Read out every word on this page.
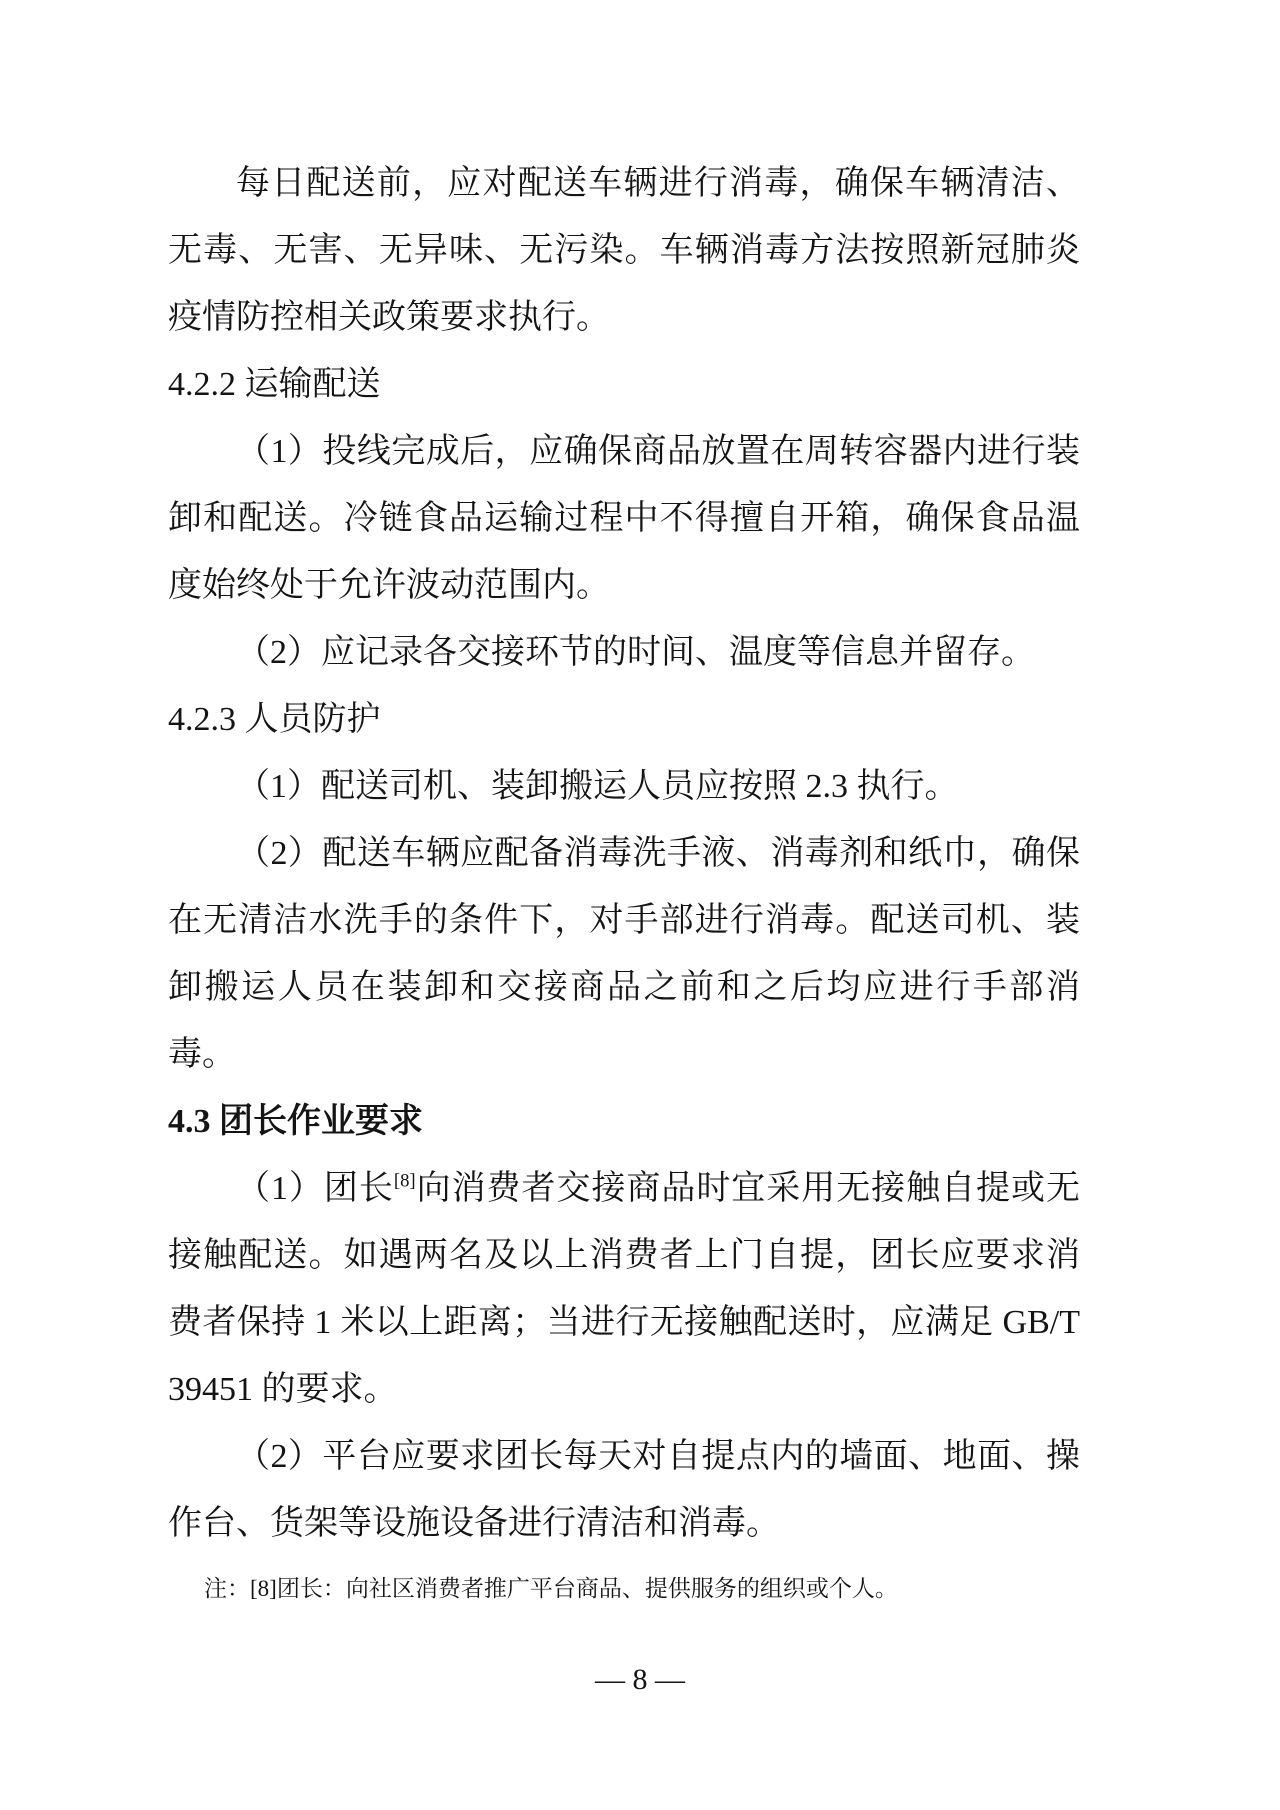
每日配送前，应对配送车辆进行消毒，确保车辆清洁、无毒、无害、无异味、无污染。车辆消毒方法按照新冠肺炎疫情防控相关政策要求执行。

4.2.2 运输配送

（1）投线完成后，应确保商品放置在周转容器内进行装卸和配送。冷链食品运输过程中不得擅自开箱，确保食品温度始终处于允许波动范围内。

（2）应记录各交接环节的时间、温度等信息并留存。

4.2.3 人员防护

（1）配送司机、装卸搬运人员应按照 2.3 执行。

（2）配送车辆应配备消毒洗手液、消毒剂和纸巾，确保在无清洁水洗手的条件下，对手部进行消毒。配送司机、装卸搬运人员在装卸和交接商品之前和之后均应进行手部消毒。

4.3 团长作业要求

（1）团长[8]向消费者交接商品时宜采用无接触自提或无接触配送。如遇两名及以上消费者上门自提，团长应要求消费者保持 1 米以上距离；当进行无接触配送时，应满足 GB/T 39451 的要求。

（2）平台应要求团长每天对自提点内的墙面、地面、操作台、货架等设施设备进行清洁和消毒。

注：[8]团长：向社区消费者推广平台商品、提供服务的组织或个人。

— 8 —
